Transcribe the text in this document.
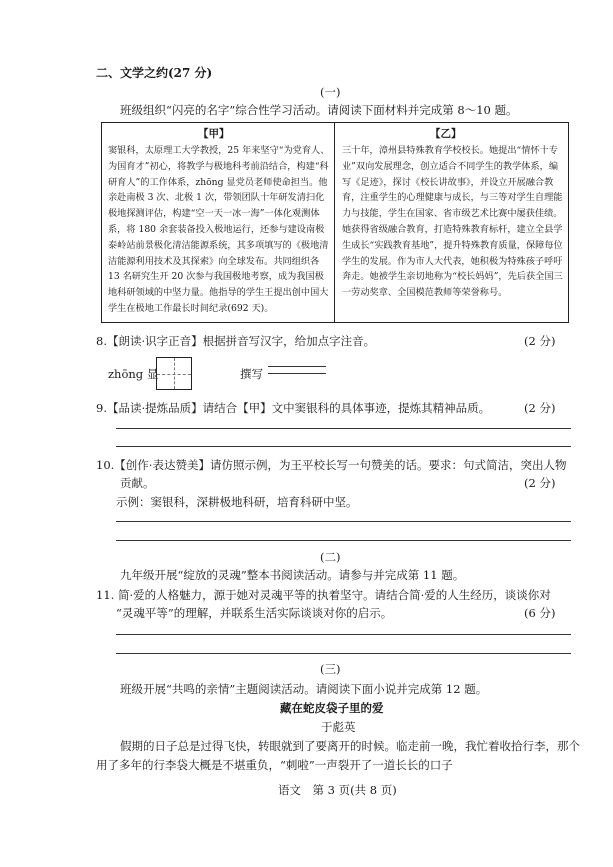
二、文学之约(27 分)
(一)
班级组织“闪亮的名字”综合性学习活动。请阅读下面材料并完成第 8～10 题。
【甲】	【乙】
窦银科，太原理工大学教授，25 年来坚守“为党育人、为国育才”初心，将教学与极地科考前沿结合，构建“科研育人”的工作体系，zhōng 显党员老师使命担当。他亲赴南极 3 次、北极 1 次，带领团队十年研发清扫化极地探测评估，构建“空一天一冰一海”一体化观测体系，将 180 余套装备投入极地运行，还参与建设南极泰岭站前景极化清洁能源系统，其多项填写的《极地清洁能源利用技术及其探索》向全球发布。共同组织各 13 名研究生开 20 次参与我国极地考察，成为我国极地科研领域的中坚力量。他指导的学生王提出创中国大学生在极地工作最长时间纪录(692 天)。
三十年，漳州县特殊教育学校校长。她提出“情怀十专业”双向发展理念，创立适合不同学生的教学体系，编写《足迹》，探讨《校长讲故事》，并设立开展融合教育，注重学生的心理健康与成长，与三等对学生自理能力与技能，学生在国家、省市级艺术比赛中屡获佳绩。她获得省级融合教育，打造特殊教育标杆，建立全县学生成长“实践教育基地”，提升特殊教育质量，保障每位学生的发展。作为市人大代表，她积极为特殊孩子呼吁奔走。她被学生亲切地称为“校长妈妈”，先后获全国三一劳动奖章、全国模范教师等荣誉称号。
8.【朗读·识字正音】根据拼音写汉字，给加点字注音。	(2 分)
zhōng 显	撰写
9.【品读·提炼品质】请结合【甲】文中窦银科的具体事迹，提炼其精神品质。	(2 分)
10.【创作·表达赞美】请仿照示例，为王平校长写一句赞美的话。要求：句式简洁，突出人物
贡献。	(2 分)
示例：窦银科，深耕极地科研，培育科研中坚。
(二)
九年级开展“绽放的灵魂”整本书阅读活动。请参与并完成第 11 题。
11. 简·爱的人格魅力，源于她对灵魂平等的执着坚守。请结合简·爱的人生经历，谈谈你对
“灵魂平等”的理解，并联系生活实际谈谈对你的启示。	(6 分)
(三)
班级开展“共鸣的亲情”主题阅读活动。请阅读下面小说并完成第 12 题。
藏在蛇皮袋子里的爱
于彪英
假期的日子总是过得飞快，转眼就到了要离开的时候。临走前一晚，我忙着收拾行李，那个
用了多年的行李袋大概是不堪重负，“刺啦”一声裂开了一道长长的口子
语文　第 3 页(共 8 页)
